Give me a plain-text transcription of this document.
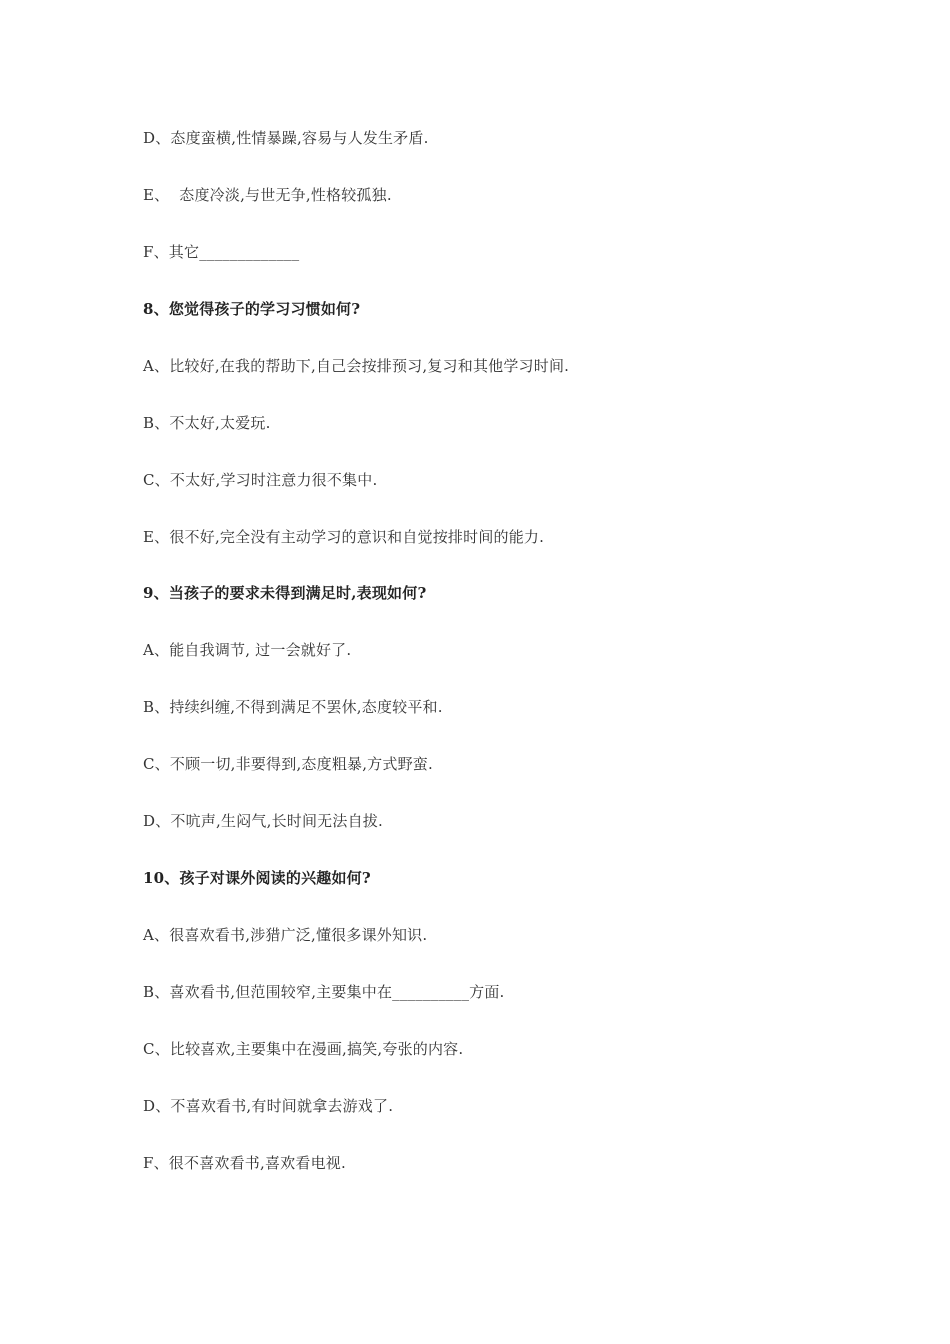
D、态度蛮横,性情暴躁,容易与人发生矛盾.
E、  态度冷淡,与世无争,性格较孤独.
F、其它_____________
8、您觉得孩子的学习习惯如何?
A、比较好,在我的帮助下,自己会按排预习,复习和其他学习时间.
B、不太好,太爱玩.
C、不太好,学习时注意力很不集中.
E、很不好,完全没有主动学习的意识和自觉按排时间的能力.
9、当孩子的要求未得到满足时,表现如何?
A、能自我调节, 过一会就好了.
B、持续纠缠,不得到满足不罢休,态度较平和.
C、不顾一切,非要得到,态度粗暴,方式野蛮.
D、不吭声,生闷气,长时间无法自拔.
10、孩子对课外阅读的兴趣如何?
A、很喜欢看书,涉猎广泛,懂很多课外知识.
B、喜欢看书,但范围较窄,主要集中在__________方面.
C、比较喜欢,主要集中在漫画,搞笑,夸张的内容.
D、不喜欢看书,有时间就拿去游戏了.
F、很不喜欢看书,喜欢看电视.
